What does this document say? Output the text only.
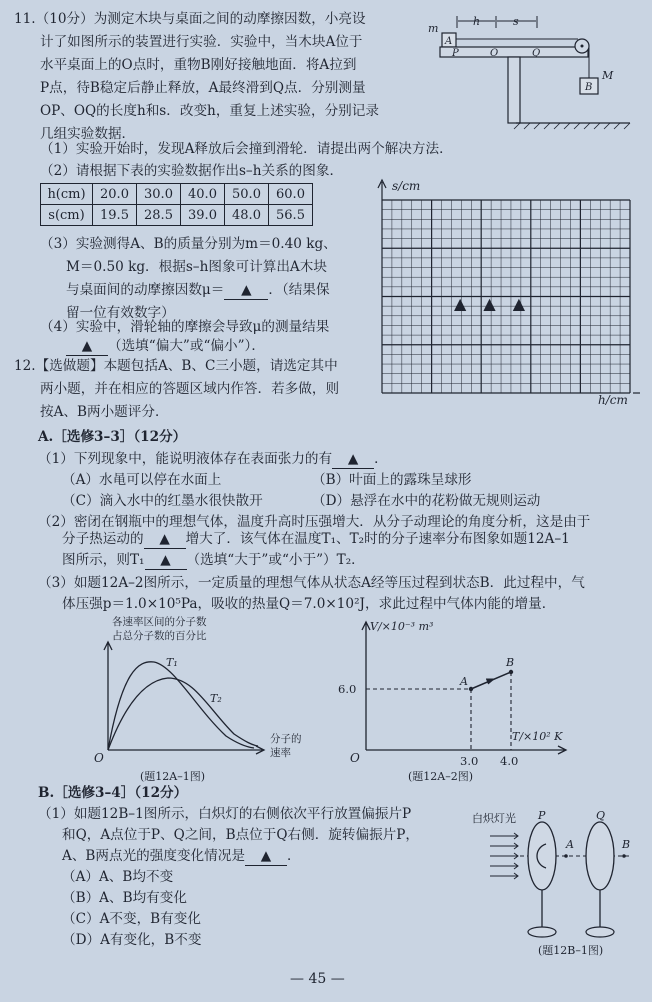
11.（10分）为测定木块与桌面之间的动摩擦因数，小亮设
计了如图所示的装置进行实验．实验中，当木块A位于
水平桌面上的O点时，重物B刚好接触地面．将A拉到
P点，待B稳定后静止释放，A最终滑到Q点．分别测量
OP、OQ的长度h和s．改变h，重复上述实验，分别记录
几组实验数据．
（1）实验开始时，发现A释放后会撞到滑轮．请提出两个解决方法．
（2）请根据下表的实验数据作出s–h关系的图象．
h(cm)	20.0	30.0	40.0	50.0	60.0
s(cm)	19.5	28.5	39.0	48.0	56.5
（3）实验测得A、B的质量分别为m＝0.40 kg、
M＝0.50 kg．根据s–h图象可计算出A木块
与桌面间的动摩擦因数μ＝ ▲ ．（结果保
留一位有效数字）
（4）实验中，滑轮轴的摩擦会导致μ的测量结果
▲ （选填“偏大”或“偏小”）．
h	s
A
m
P	O	Q
B
M
s/cm
h/cm
▲ ▲ ▲
12.【选做题】本题包括A、B、C三小题，请选定其中
两小题，并在相应的答题区域内作答．若多做，则
按A、B两小题评分．
A.［选修3–3］（12分）
（1）下列现象中，能说明液体存在表面张力的有 ▲ ．
（A）水黾可以停在水面上	（B）叶面上的露珠呈球形
（C）滴入水中的红墨水很快散开	（D）悬浮在水中的花粉做无规则运动
（2）密闭在钢瓶中的理想气体，温度升高时压强增大．从分子动理论的角度分析，这是由于
分子热运动的 ▲ 增大了．该气体在温度T₁、T₂时的分子速率分布图象如题12A–1
图所示，则T₁ ▲ （选填“大于”或“小于”）T₂．
（3）如题12A–2图所示，一定质量的理想气体从状态A经等压过程到状态B．此过程中，气
体压强p＝1.0×10⁵Pa，吸收的热量Q＝7.0×10²J，求此过程中气体内能的增量．
各速率区间的分子数
占总分子数的百分比
T₁
T₂
分子的
速率
O
(题12A–1图)
V/×10⁻³ m³
T/×10² K
A
B
6.0
3.0 4.0
O
(题12A–2图)
B.［选修3–4］（12分）
（1）如题12B–1图所示，白炽灯的右侧依次平行放置偏振片P
和Q，A点位于P、Q之间，B点位于Q右侧．旋转偏振片P，
A、B两点光的强度变化情况是 ▲ ．
（A）A、B均不变
（B）A、B均有变化
（C）A不变，B有变化
（D）A有变化，B不变
白炽灯光 P	Q
A	B
(题12B–1图)
— 45 —
